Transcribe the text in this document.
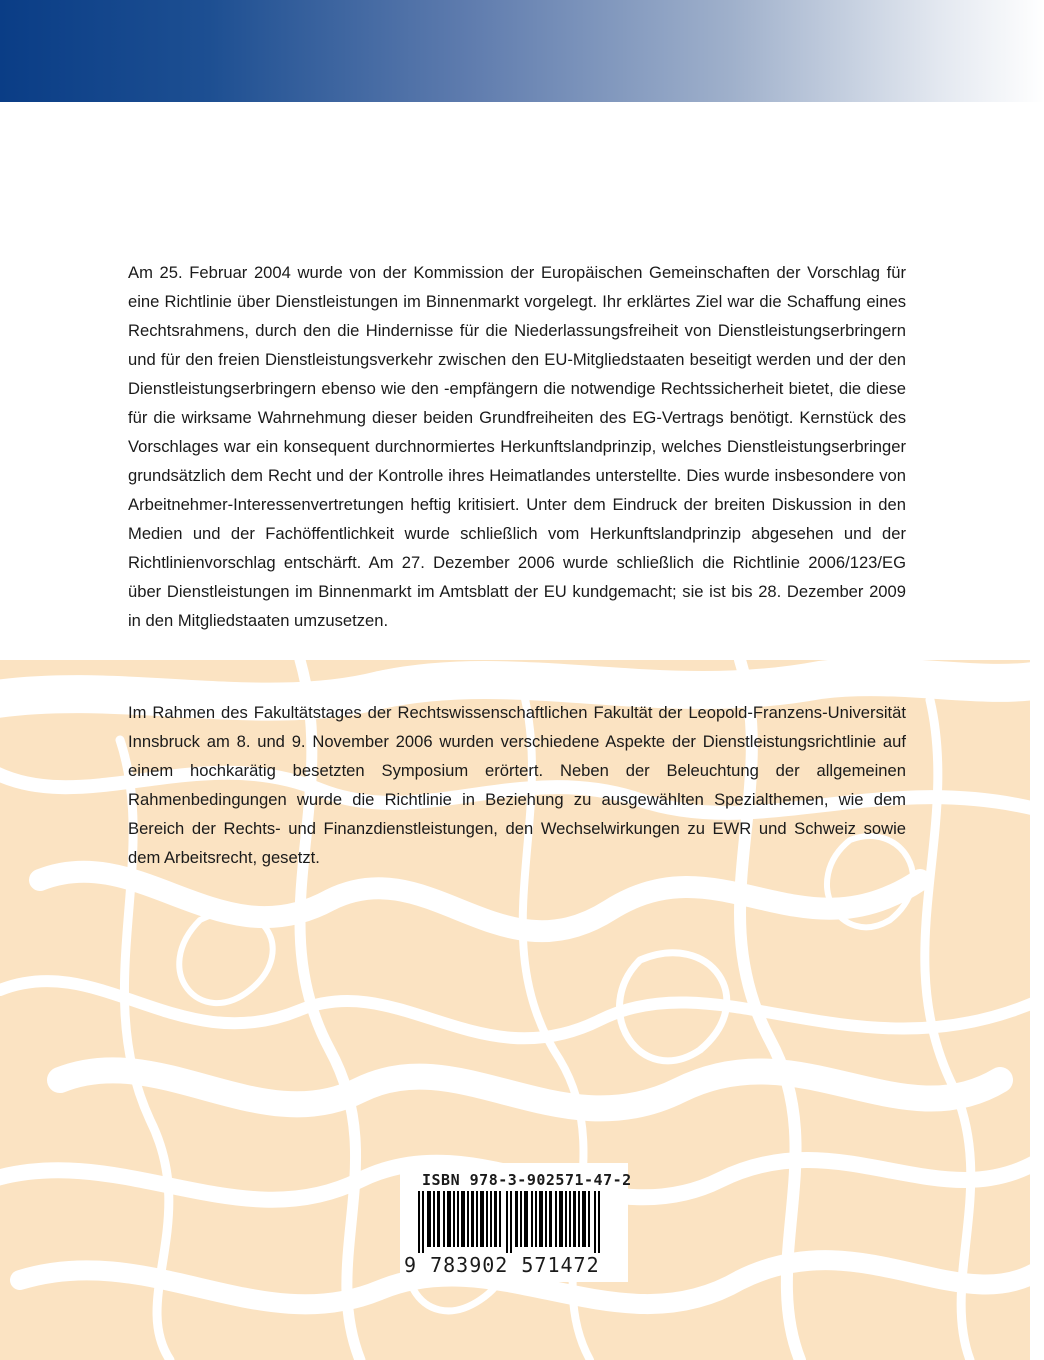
Am 25. Februar 2004 wurde von der Kommission der Europäischen Gemeinschaften der Vorschlag für eine Richtlinie über Dienstleistungen im Binnenmarkt vorgelegt. Ihr erklärtes Ziel war die Schaffung eines Rechtsrahmens, durch den die Hindernisse für die Niederlassungsfreiheit von Dienstleistungserbringern und für den freien Dienstleistungsverkehr zwischen den EU-Mitgliedstaaten beseitigt werden und der den Dienstleistungserbringern ebenso wie den -empfängern die notwendige Rechtssicherheit bietet, die diese für die wirksame Wahrnehmung dieser beiden Grundfreiheiten des EG-Vertrags benötigt. Kernstück des Vorschlages war ein konsequent durchnormiertes Herkunftslandprinzip, welches Dienstleistungserbringer grundsätzlich dem Recht und der Kontrolle ihres Heimatlandes unterstellte. Dies wurde insbesondere von Arbeitnehmer-Interessenvertretungen heftig kritisiert. Unter dem Eindruck der breiten Diskussion in den Medien und der Fachöffentlichkeit wurde schließlich vom Herkunftslandprinzip abgesehen und der Richtlinienvorschlag entschärft. Am 27. Dezember 2006 wurde schließlich die Richtlinie 2006/123/EG über Dienstleistungen im Binnenmarkt im Amtsblatt der EU kundgemacht; sie ist bis 28. Dezember 2009 in den Mitgliedstaaten umzusetzen.

Im Rahmen des Fakultätstages der Rechtswissenschaftlichen Fakultät der Leopold-Franzens-Universität Innsbruck am 8. und 9. November 2006 wurden verschiedene Aspekte der Dienstleistungsrichtlinie auf einem hochkarätig besetzten Symposium erörtert. Neben der Beleuchtung der allgemeinen Rahmenbedingungen wurde die Richtlinie in Beziehung zu ausgewählten Spezialthemen, wie dem Bereich der Rechts- und Finanzdienstleistungen, den Wechselwirkungen zu EWR und Schweiz sowie dem Arbeitsrecht, gesetzt.

ISBN 978-3-902571-47-2
9 783902 571472
